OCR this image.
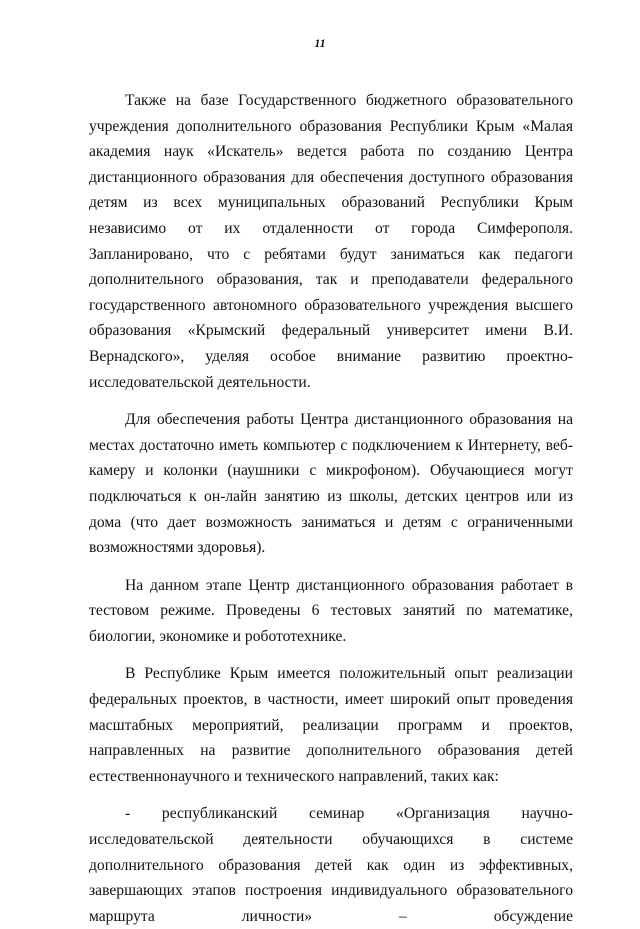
11

Также на базе Государственного бюджетного образовательного учреждения дополнительного образования Республики Крым «Малая академия наук «Искатель» ведется работа по созданию Центра дистанционного образования для обеспечения доступного образования детям из всех муниципальных образований Республики Крым независимо от их отдаленности от города Симферополя. Запланировано, что с ребятами будут заниматься как педагоги дополнительного образования, так и преподаватели федерального государственного автономного образовательного учреждения высшего образования «Крымский федеральный университет имени В.И. Вернадского», уделяя особое внимание развитию проектно-исследовательской деятельности.

Для обеспечения работы Центра дистанционного образования на местах достаточно иметь компьютер с подключением к Интернету, веб-камеру и колонки (наушники с микрофоном). Обучающиеся могут подключаться к он-лайн занятию из школы, детских центров или из дома (что дает возможность заниматься и детям с ограниченными возможностями здоровья).

На данном этапе Центр дистанционного образования работает в тестовом режиме. Проведены 6 тестовых занятий по математике, биологии, экономике и робототехнике.

В Республике Крым имеется положительный опыт реализации федеральных проектов, в частности, имеет широкий опыт проведения масштабных мероприятий, реализации программ и проектов, направленных на развитие дополнительного образования детей естественнонаучного и технического направлений, таких как:

- республиканский семинар «Организация научно-исследовательской деятельности обучающихся в системе дополнительного образования детей как один из эффективных, завершающих этапов построения индивидуального образовательного маршрута личности» – обсуждение
